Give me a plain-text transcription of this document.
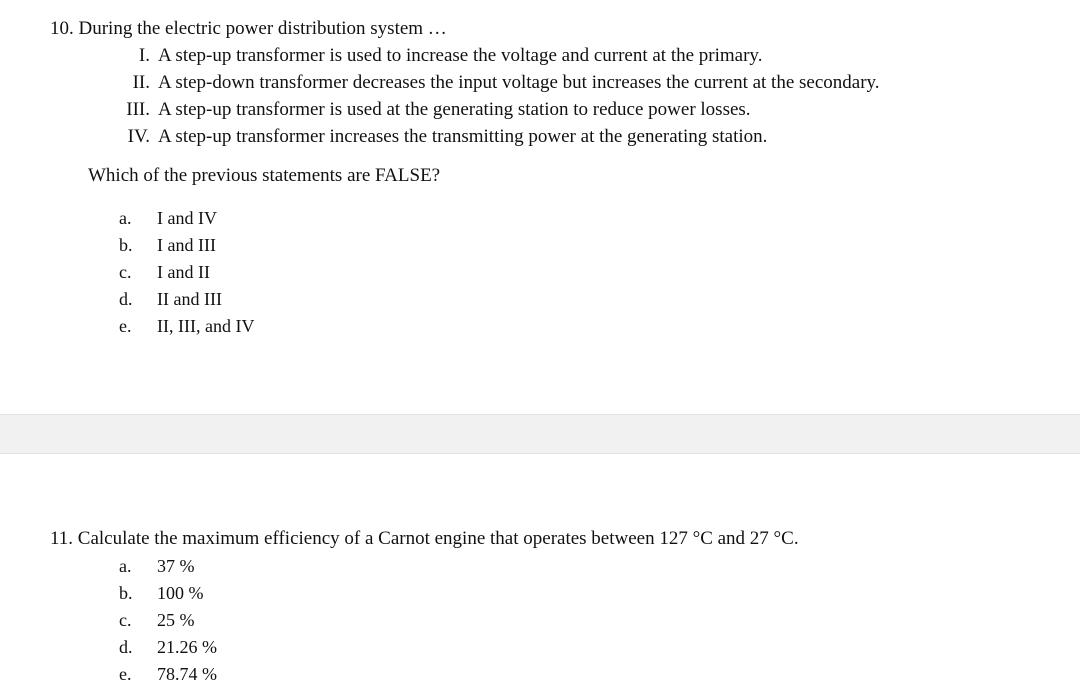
10. During the electric power distribution system …
I. A step-up transformer is used to increase the voltage and current at the primary.
II. A step-down transformer decreases the input voltage but increases the current at the secondary.
III. A step-up transformer is used at the generating station to reduce power losses.
IV. A step-up transformer increases the transmitting power at the generating station.
Which of the previous statements are FALSE?
a. I and IV
b. I and III
c. I and II
d. II and III
e. II, III, and IV
11. Calculate the maximum efficiency of a Carnot engine that operates between 127 °C and 27 °C.
a. 37 %
b. 100 %
c. 25 %
d. 21.26 %
e. 78.74 %
